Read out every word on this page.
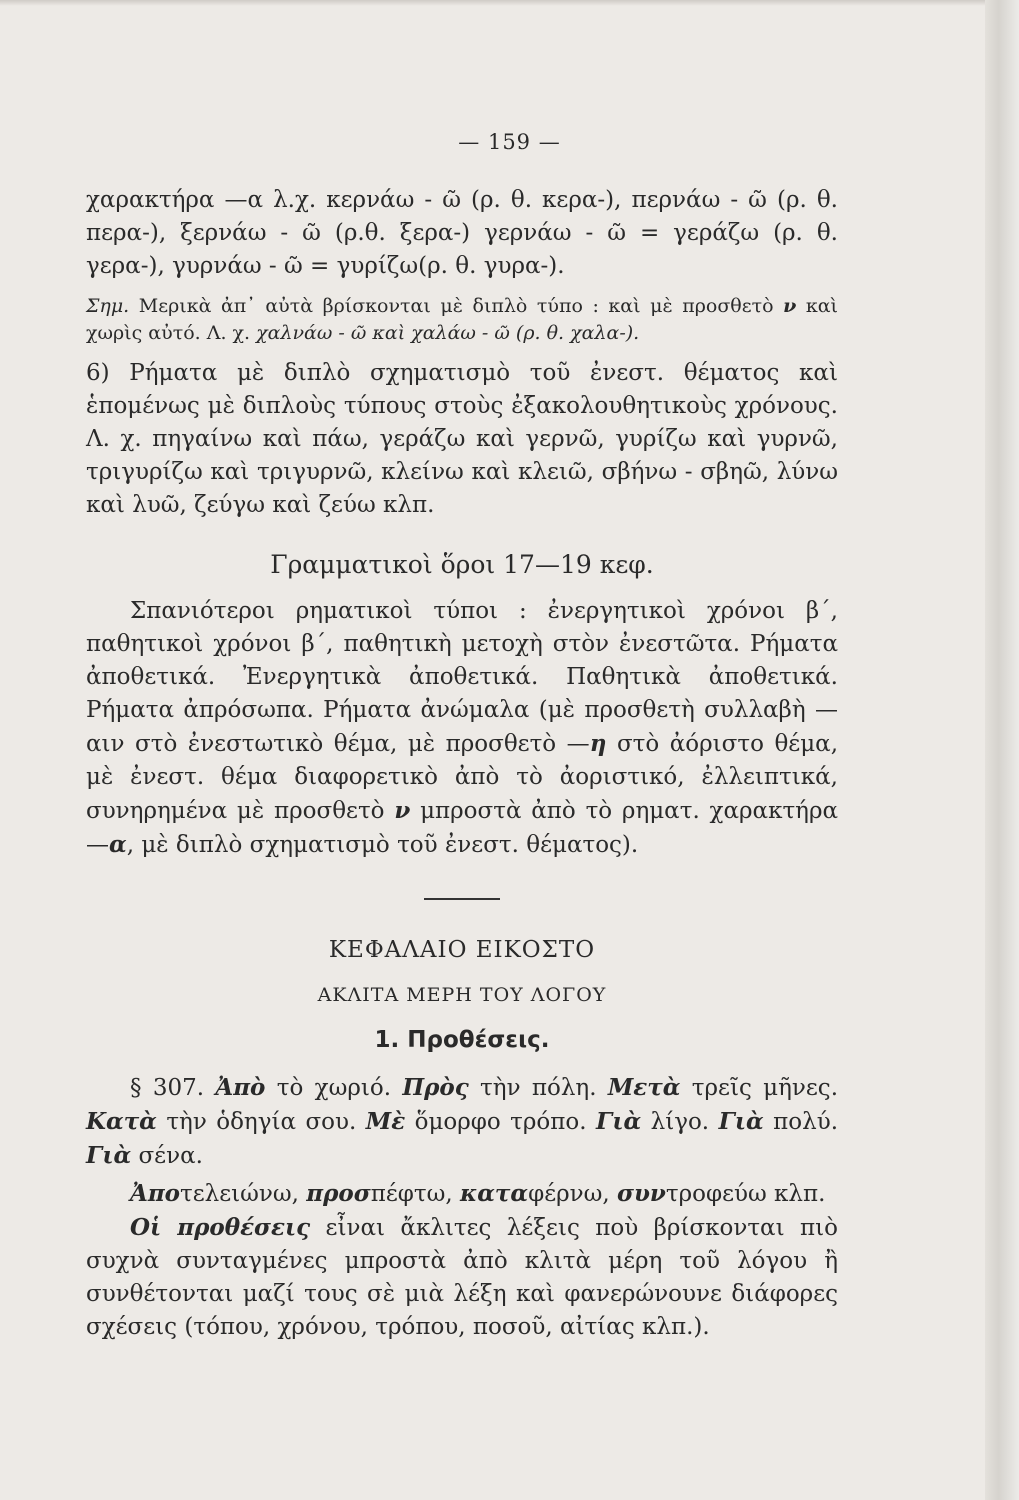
— 159 —

χαρακτήρα —α λ.χ. κερνάω - ῶ (ρ. θ. κερα-), περνάω - ῶ (ρ. θ. περα-), ξερνάω - ῶ (ρ.θ. ξερα-) γερνάω - ῶ = γεράζω (ρ. θ. γερα-), γυρνάω - ῶ = γυρίζω(ρ. θ. γυρα-).

Σημ. Μερικὰ ἀπ᾽ αὐτὰ βρίσκονται μὲ διπλὸ τύπο : καὶ μὲ προσθετὸ ν καὶ χωρὶς αὐτό. Λ. χ. χαλνάω - ῶ καὶ χαλάω - ῶ (ρ. θ. χαλα-).

6) Ρήματα μὲ διπλὸ σχηματισμὸ τοῦ ἐνεστ. θέματος καὶ ἑπομένως μὲ διπλοὺς τύπους στοὺς ἐξακολουθητικοὺς χρόνους. Λ. χ. πηγαίνω καὶ πάω, γεράζω καὶ γερνῶ, γυρίζω καὶ γυρνῶ, τριγυρίζω καὶ τριγυρνῶ, κλείνω καὶ κλειῶ, σβήνω - σβηῶ, λύνω καὶ λυῶ, ζεύγω καὶ ζεύω κλπ.

Γραμματικοὶ ὅροι 17—19 κεφ.

Σπανιότεροι ρηματικοὶ τύποι : ἐνεργητικοὶ χρόνοι β΄, παθητικοὶ χρόνοι β΄, παθητικὴ μετοχὴ στὸν ἐνεστῶτα. Ρήματα ἀποθετικά. Ἐνεργητικὰ ἀποθετικά. Παθητικὰ ἀποθετικά. Ρήματα ἀπρόσωπα. Ρήματα ἀνώμαλα (μὲ προσθετὴ συλλαβὴ —αιν στὸ ἐνεστωτικὸ θέμα, μὲ προσθετὸ —η στὸ ἀόριστο θέμα, μὲ ἐνεστ. θέμα διαφορετικὸ ἀπὸ τὸ ἀοριστικό, ἐλλειπτικά, συνηρημένα μὲ προσθετὸ ν μπροστὰ ἀπὸ τὸ ρηματ. χαρακτήρα —α, μὲ διπλὸ σχηματισμὸ τοῦ ἐνεστ. θέματος).

ΚΕΦΑΛΑΙΟ ΕΙΚΟΣΤΟ
ΑΚΛΙΤΑ ΜΕΡΗ ΤΟΥ ΛΟΓΟΥ
1. Προθέσεις.

§ 307. Ἀπὸ τὸ χωριό. Πρὸς τὴν πόλη. Μετὰ τρεῖς μῆνες. Κατὰ τὴν ὁδηγία σου. Μὲ ὅμορφο τρόπο. Γιὰ λίγο. Γιὰ πολύ. Γιὰ σένα.

Ἀποτελειώνω, προσπέφτω, καταφέρνω, συντροφεύω κλπ.

Οἱ προθέσεις εἶναι ἄκλιτες λέξεις ποὺ βρίσκονται πιὸ συχνὰ συνταγμένες μπροστὰ ἀπὸ κλιτὰ μέρη τοῦ λόγου ἢ συνθέτονται μαζί τους σὲ μιὰ λέξη καὶ φανερώνουνε διάφορες σχέσεις (τόπου, χρόνου, τρόπου, ποσοῦ, αἰτίας κλπ.).
